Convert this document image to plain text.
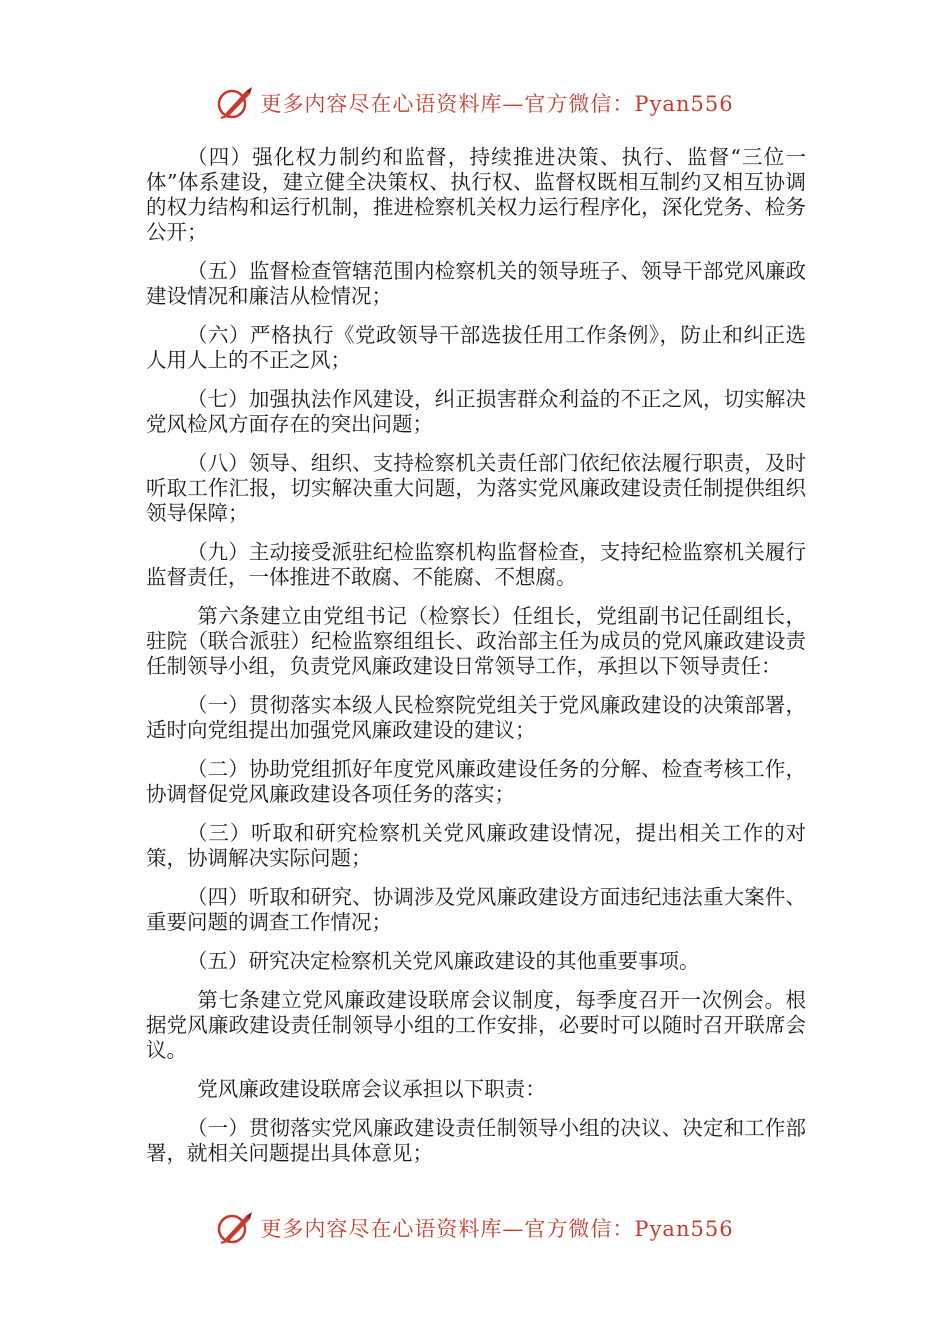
更多内容尽在心语资料库—官方微信：Pyan556

（四）强化权力制约和监督，持续推进决策、执行、监督“三位一体”体系建设，建立健全决策权、执行权、监督权既相互制约又相互协调的权力结构和运行机制，推进检察机关权力运行程序化，深化党务、检务公开；

（五）监督检查管辖范围内检察机关的领导班子、领导干部党风廉政建设情况和廉洁从检情况；

（六）严格执行《党政领导干部选拔任用工作条例》，防止和纠正选人用人上的不正之风；

（七）加强执法作风建设，纠正损害群众利益的不正之风，切实解决党风检风方面存在的突出问题；

（八）领导、组织、支持检察机关责任部门依纪依法履行职责，及时听取工作汇报，切实解决重大问题，为落实党风廉政建设责任制提供组织领导保障；

（九）主动接受派驻纪检监察机构监督检查，支持纪检监察机关履行监督责任，一体推进不敢腐、不能腐、不想腐。

第六条建立由党组书记（检察长）任组长，党组副书记任副组长，驻院（联合派驻）纪检监察组组长、政治部主任为成员的党风廉政建设责任制领导小组，负责党风廉政建设日常领导工作，承担以下领导责任：

（一）贯彻落实本级人民检察院党组关于党风廉政建设的决策部署，适时向党组提出加强党风廉政建设的建议；

（二）协助党组抓好年度党风廉政建设任务的分解、检查考核工作，协调督促党风廉政建设各项任务的落实；

（三）听取和研究检察机关党风廉政建设情况，提出相关工作的对策，协调解决实际问题；

（四）听取和研究、协调涉及党风廉政建设方面违纪违法重大案件、重要问题的调查工作情况；

（五）研究决定检察机关党风廉政建设的其他重要事项。

第七条建立党风廉政建设联席会议制度，每季度召开一次例会。根据党风廉政建设责任制领导小组的工作安排，必要时可以随时召开联席会议。

党风廉政建设联席会议承担以下职责：

（一）贯彻落实党风廉政建设责任制领导小组的决议、决定和工作部署，就相关问题提出具体意见；

更多内容尽在心语资料库—官方微信：Pyan556
